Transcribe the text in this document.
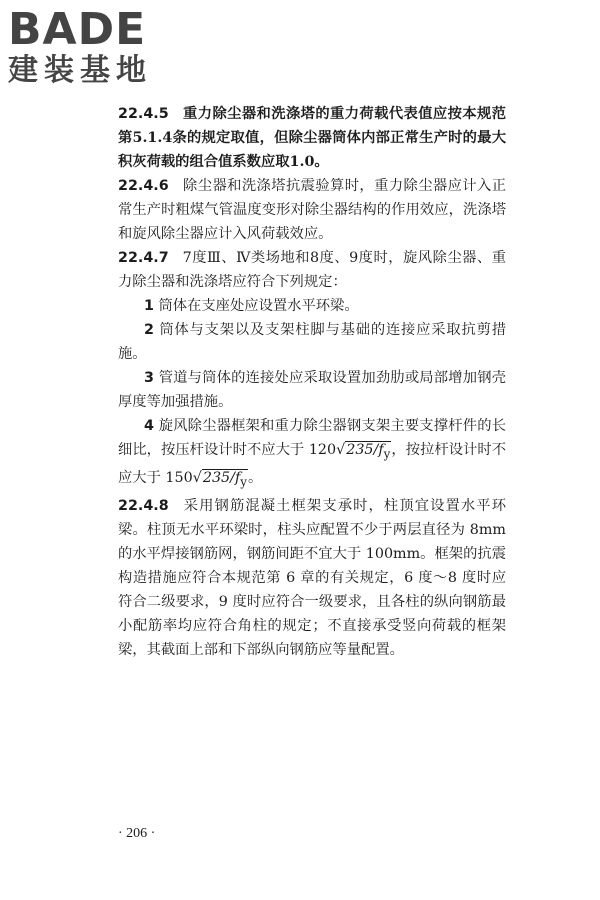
BADE
建装基地

22.4.5 重力除尘器和洗涤塔的重力荷载代表值应按本规范第5.1.4条的规定取值，但除尘器筒体内部正常生产时的最大积灰荷载的组合值系数应取1.0。

22.4.6 除尘器和洗涤塔抗震验算时，重力除尘器应计入正常生产时粗煤气管温度变形对除尘器结构的作用效应，洗涤塔和旋风除尘器应计入风荷载效应。

22.4.7 7度Ⅲ、Ⅳ类场地和8度、9度时，旋风除尘器、重力除尘器和洗涤塔应符合下列规定：

1 筒体在支座处应设置水平环梁。

2 筒体与支架以及支架柱脚与基础的连接应采取抗剪措施。

3 管道与筒体的连接处应采取设置加劲肋或局部增加钢壳厚度等加强措施。

4 旋风除尘器框架和重力除尘器钢支架主要支撑杆件的长细比，按压杆设计时不应大于 $120√235/f_y$，按拉杆设计时不应大于 $150√235/f_y$。

22.4.8 采用钢筋混凝土框架支承时，柱顶宜设置水平环梁。柱顶无水平环梁时，柱头应配置不少于两层直径为 8mm 的水平焊接钢筋网，钢筋间距不宜大于 100mm。框架的抗震构造措施应符合本规范第 6 章的有关规定，6 度～8 度时应符合二级要求，9 度时应符合一级要求，且各柱的纵向钢筋最小配筋率均应符合角柱的规定；不直接承受竖向荷载的框架梁，其截面上部和下部纵向钢筋应等量配置。

· 206 ·
